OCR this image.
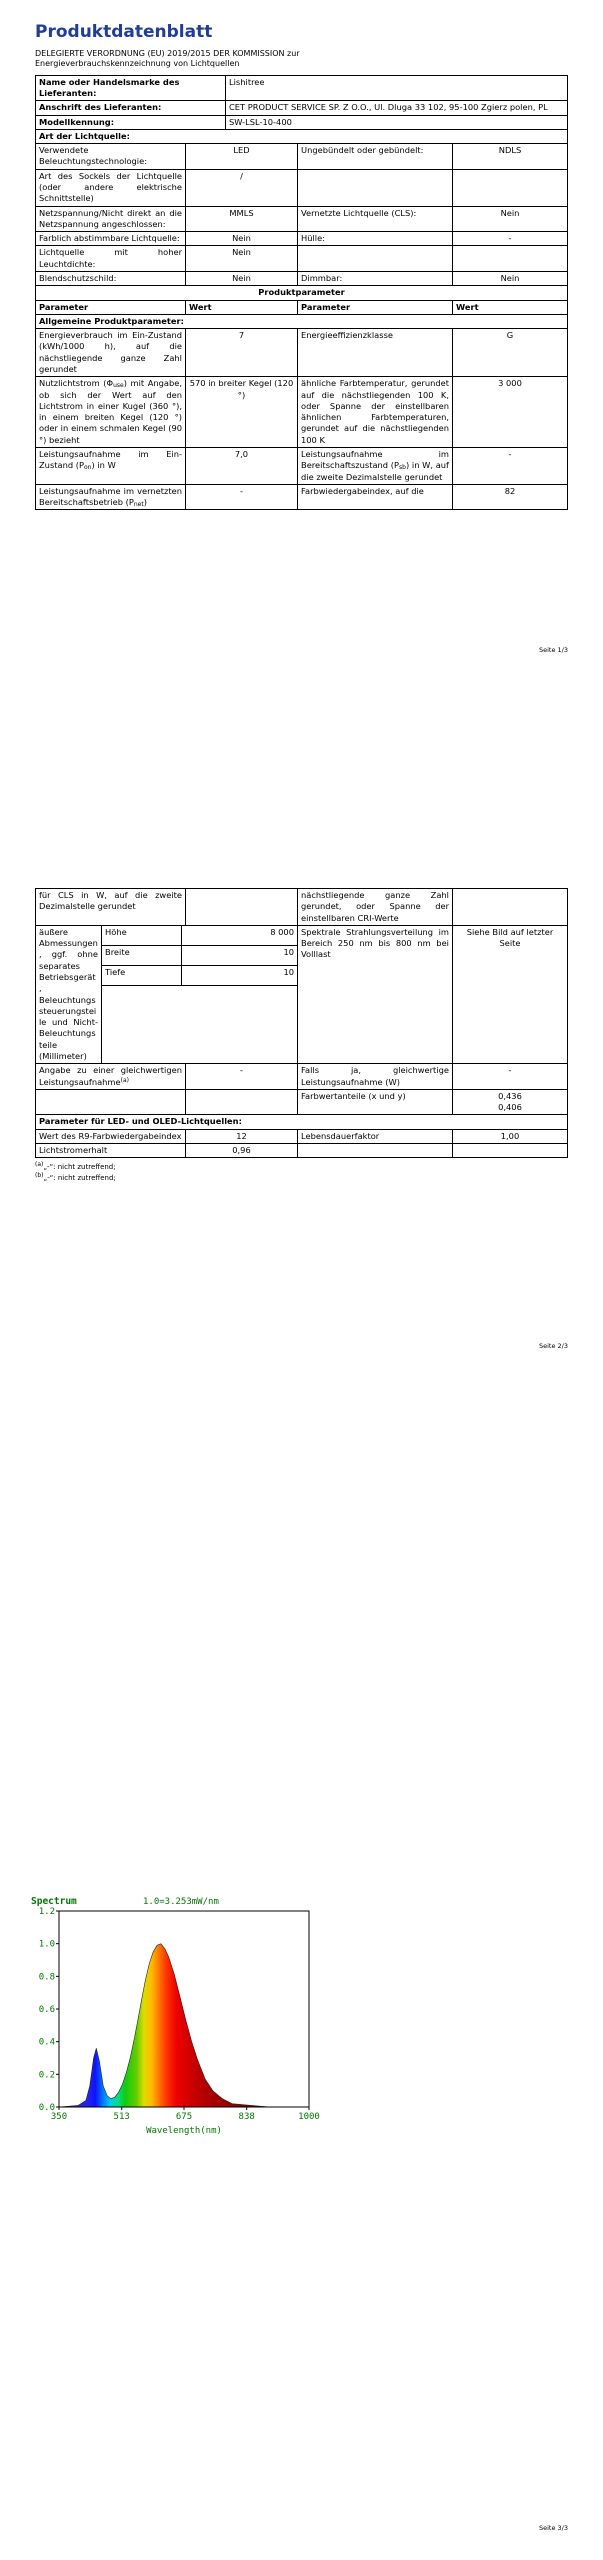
Produktdatenblatt
DELEGIERTE VERORDNUNG (EU) 2019/2015 DER KOMMISSION zur
Energieverbrauchskennzeichnung von Lichtquellen
Name oder Handelsmarke des Lieferanten:	Lishitree
Anschrift des Lieferanten:	CET PRODUCT SERVICE SP. Z O.O., Ul. Dluga 33 102, 95-100 Zgierz polen, PL
Modellkennung:	SW-LSL-10-400
Art der Lichtquelle:			
Verwendete Beleuchtungstechnologie:	LED	Ungebündelt oder gebündelt:	NDLS
Art des Sockels der Lichtquelle (oder andere elektrische Schnittstelle)	/		
Netzspannung/Nicht direkt an die Netzspannung angeschlossen:	MMLS	Vernetzte Lichtquelle (CLS):	Nein
Farblich abstimmbare Lichtquelle:	Nein	Hülle:	-
Lichtquelle mit hoher Leuchtdichte:	Nein		
Blendschutzschild:	Nein	Dimmbar:	Nein
Produktparameter			
Parameter	Wert	Parameter	Wert
Allgemeine Produktparameter:			
Energieverbrauch im Ein-Zustand (kWh/1000 h), auf die nächstliegende ganze Zahl gerundet	7	Energieeffizienzklasse	G
Nutzlichtstrom $(\Phi_{use})$ mit Angabe, ob sich der Wert auf den Lichtstrom in einer Kugel (360 °), in einem breiten Kegel (120 °) oder in einem schmalen Kegel (90 °) bezieht	570 in breiter Kegel (120 °)	ähnliche Farbtemperatur, gerundet auf die nächstliegenden 100 K, oder Spanne der einstellbaren ähnlichen Farbtemperaturen, gerundet auf die nächstliegenden 100 K	3 000
Leistungsaufnahme im Ein-Zustand $(P_{on})$ in W	7,0	Leistungsaufnahme im Bereitschaftszustand $(P_{sb})$ in W, auf die zweite Dezimalstelle gerundet	-
Leistungsaufnahme im vernetzten Bereitschaftsbetrieb $(P_{net})$	-	Farbwiedergabeindex, auf die	82
Seite 1/3
für CLS in W, auf die zweite Dezimalstelle gerundet		nächstliegende ganze Zahl gerundet, oder Spanne der einstellbaren CRI-Werte	
äußere Abmessungen, ggf. ohne separates Betriebsgerät, Beleuchtungssteuerungsteile und Nicht-Beleuchtungsteile (Millimeter)	Höhe	8 000	Spektrale Strahlungsverteilung im Bereich 250 nm bis 800 nm bei Volllast	Siehe Bild auf letzter Seite
	Breite	10		
	Tiefe	10		

Angabe zu einer gleichwertigen Leistungsaufnahme$^{(a)}$	-	Falls ja, gleichwertige Leistungsaufnahme (W)	-
		Farbwertanteile (x und y)	0,436
0,406

Parameter für LED- und OLED-Lichtquellen:			
Wert des R9-Farbwiedergabeindex	12	Lebensdauerfaktor	1,00
Lichtstromerhalt	0,96		
$^{(a)}$„-“: nicht zutreffend;
$^{(b)}$„-“: nicht zutreffend;
Seite 2/3
Spectrum	1.0=3.253mW/nm
0.0
0.2
0.4
0.6
0.8
1.0
1.2
350	513	675	838	1000
Wavelength(nm)
Seite 3/3
